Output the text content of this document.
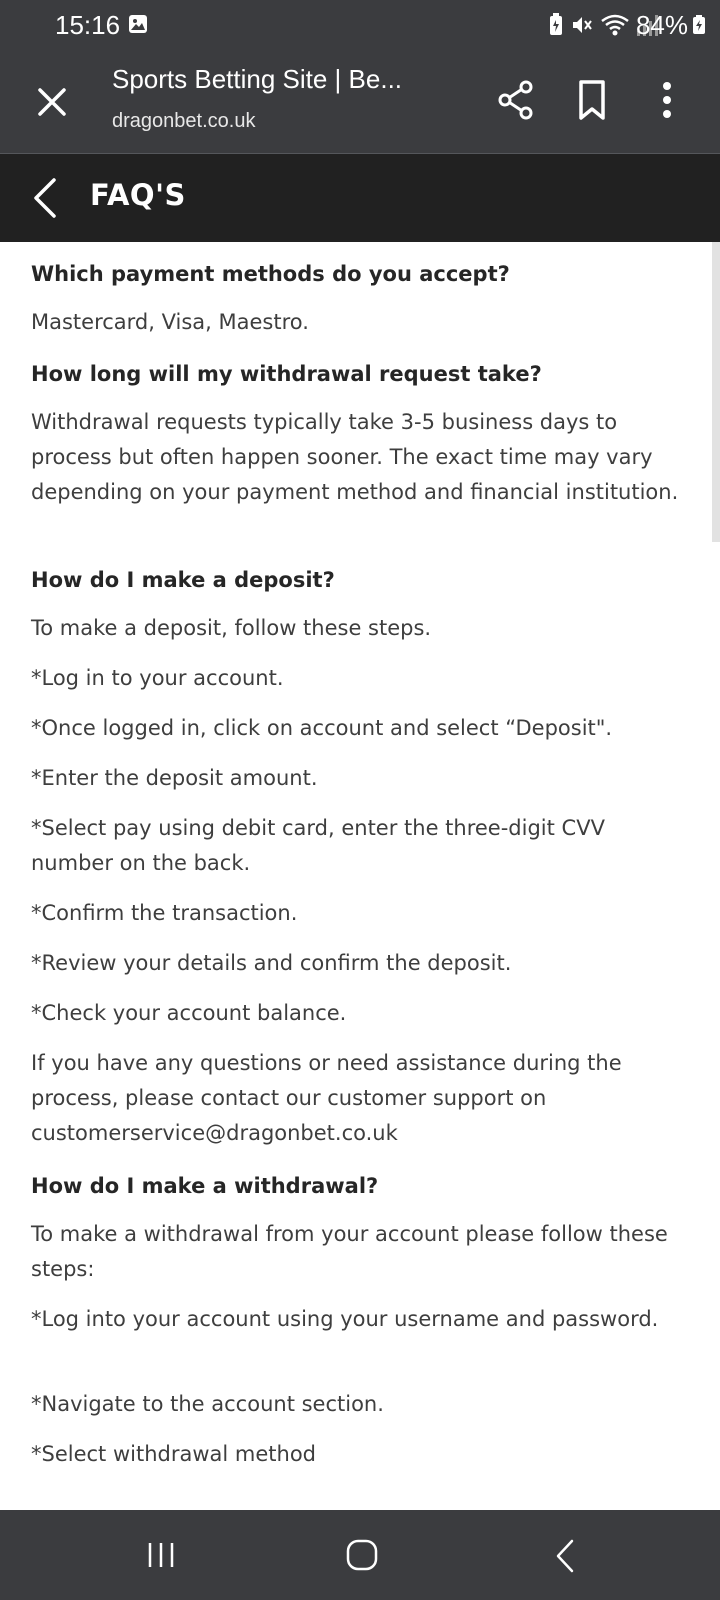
15:16	84%
Sports Betting Site | Be...
dragonbet.co.uk
FAQ'S
Which payment methods do you accept?
Mastercard, Visa, Maestro.
How long will my withdrawal request take?
Withdrawal requests typically take 3-5 business days to process but often happen sooner. The exact time may vary depending on your payment method and financial institution.
How do I make a deposit?
To make a deposit, follow these steps.
*Log in to your account.
*Once logged in, click on account and select “Deposit".
*Enter the deposit amount.
*Select pay using debit card, enter the three-digit CVV number on the back.
*Confirm the transaction.
*Review your details and confirm the deposit.
*Check your account balance.
If you have any questions or need assistance during the process, please contact our customer support on customerservice@dragonbet.co.uk
How do I make a withdrawal?
To make a withdrawal from your account please follow these steps:
*Log into your account using your username and password.
*Navigate to the account section.
*Select withdrawal method
